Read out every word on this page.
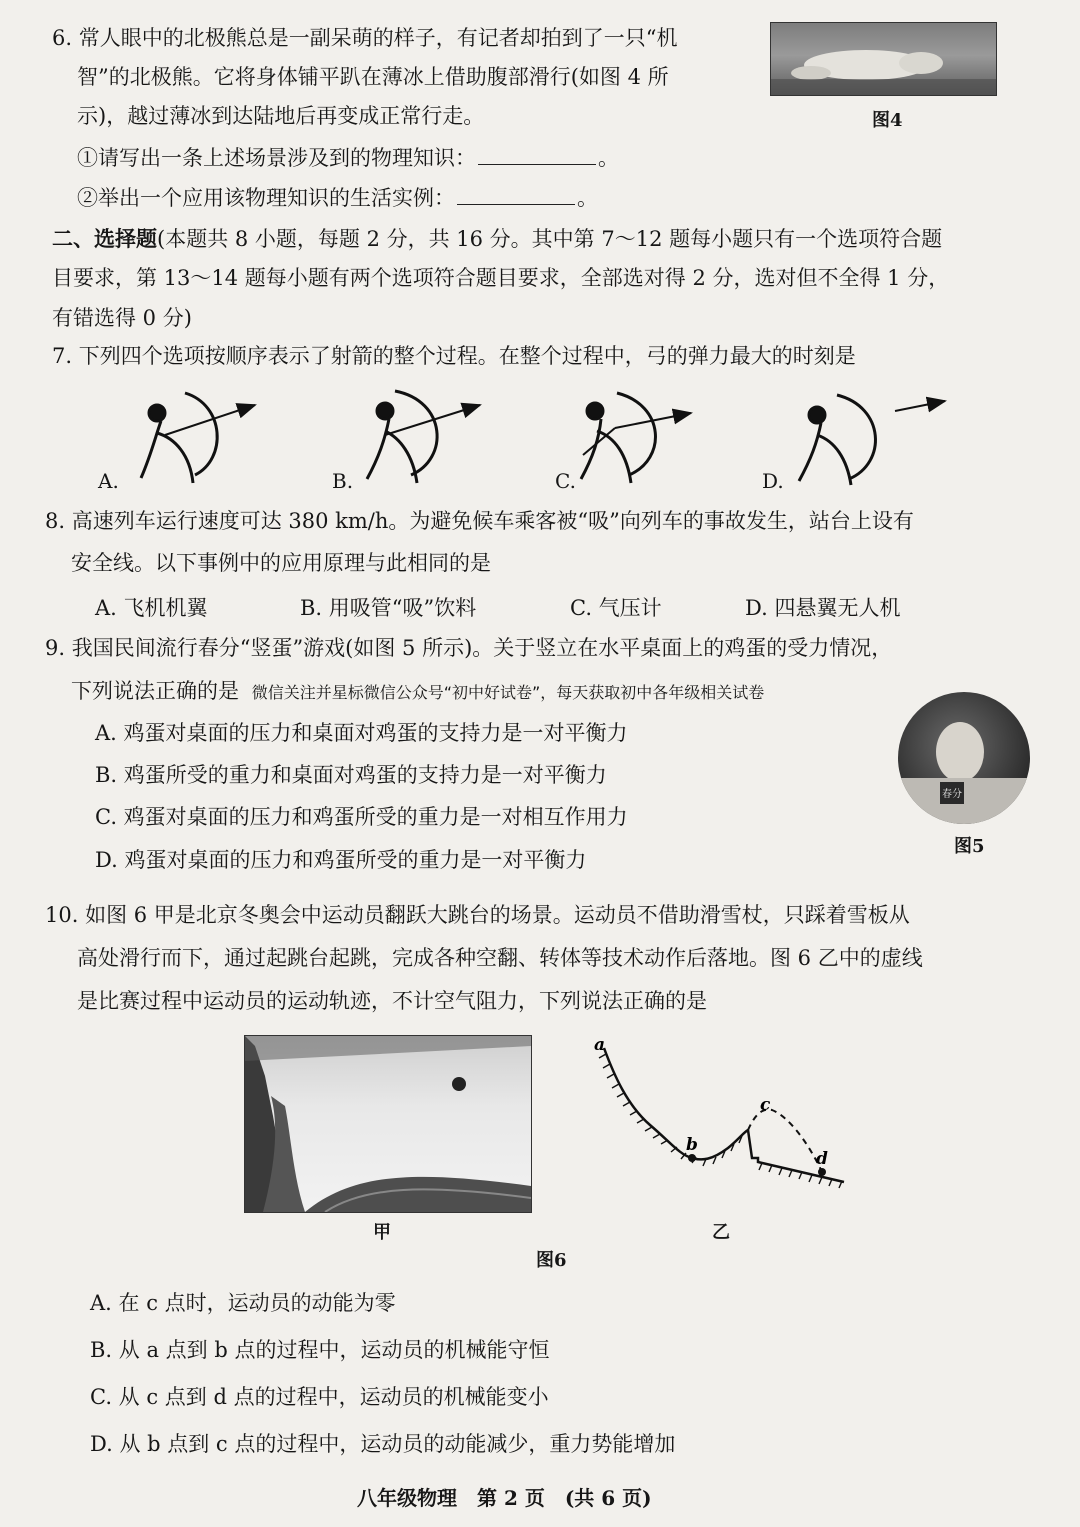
6. 常人眼中的北极熊总是一副呆萌的样子，有记者却拍到了一只“机
智”的北极熊。它将身体铺平趴在薄冰上借助腹部滑行(如图 4 所
示)，越过薄冰到达陆地后再变成正常行走。
①请写出一条上述场景涉及到的物理知识：	。
②举出一个应用该物理知识的生活实例：	。
图4
二、选择题(本题共 8 小题，每题 2 分，共 16 分。其中第 7～12 题每小题只有一个选项符合题
目要求，第 13～14 题每小题有两个选项符合题目要求，全部选对得 2 分，选对但不全得 1 分，
有错选得 0 分)
7. 下列四个选项按顺序表示了射箭的整个过程。在整个过程中，弓的弹力最大的时刻是
A.	B.	C.	D.
8. 高速列车运行速度可达 380 km/h。为避免候车乘客被“吸”向列车的事故发生，站台上设有
安全线。以下事例中的应用原理与此相同的是
A. 飞机机翼	B. 用吸管“吸”饮料	C. 气压计	D. 四悬翼无人机
9. 我国民间流行春分“竖蛋”游戏(如图 5 所示)。关于竖立在水平桌面上的鸡蛋的受力情况，
下列说法正确的是 微信关注并星标微信公众号“初中好试卷”，每天获取初中各年级相关试卷
A. 鸡蛋对桌面的压力和桌面对鸡蛋的支持力是一对平衡力
B. 鸡蛋所受的重力和桌面对鸡蛋的支持力是一对平衡力
C. 鸡蛋对桌面的压力和鸡蛋所受的重力是一对相互作用力
D. 鸡蛋对桌面的压力和鸡蛋所受的重力是一对平衡力
春分
图5
10. 如图 6 甲是北京冬奥会中运动员翻跃大跳台的场景。运动员不借助滑雪杖，只踩着雪板从
高处滑行而下，通过起跳台起跳，完成各种空翻、转体等技术动作后落地。图 6 乙中的虚线
是比赛过程中运动员的运动轨迹，不计空气阻力，下列说法正确的是
甲
a
b
c
d
乙
图6
A. 在 c 点时，运动员的动能为零
B. 从 a 点到 b 点的过程中，运动员的机械能守恒
C. 从 c 点到 d 点的过程中，运动员的机械能变小
D. 从 b 点到 c 点的过程中，运动员的动能减少，重力势能增加
八年级物理　第 2 页　(共 6 页)
